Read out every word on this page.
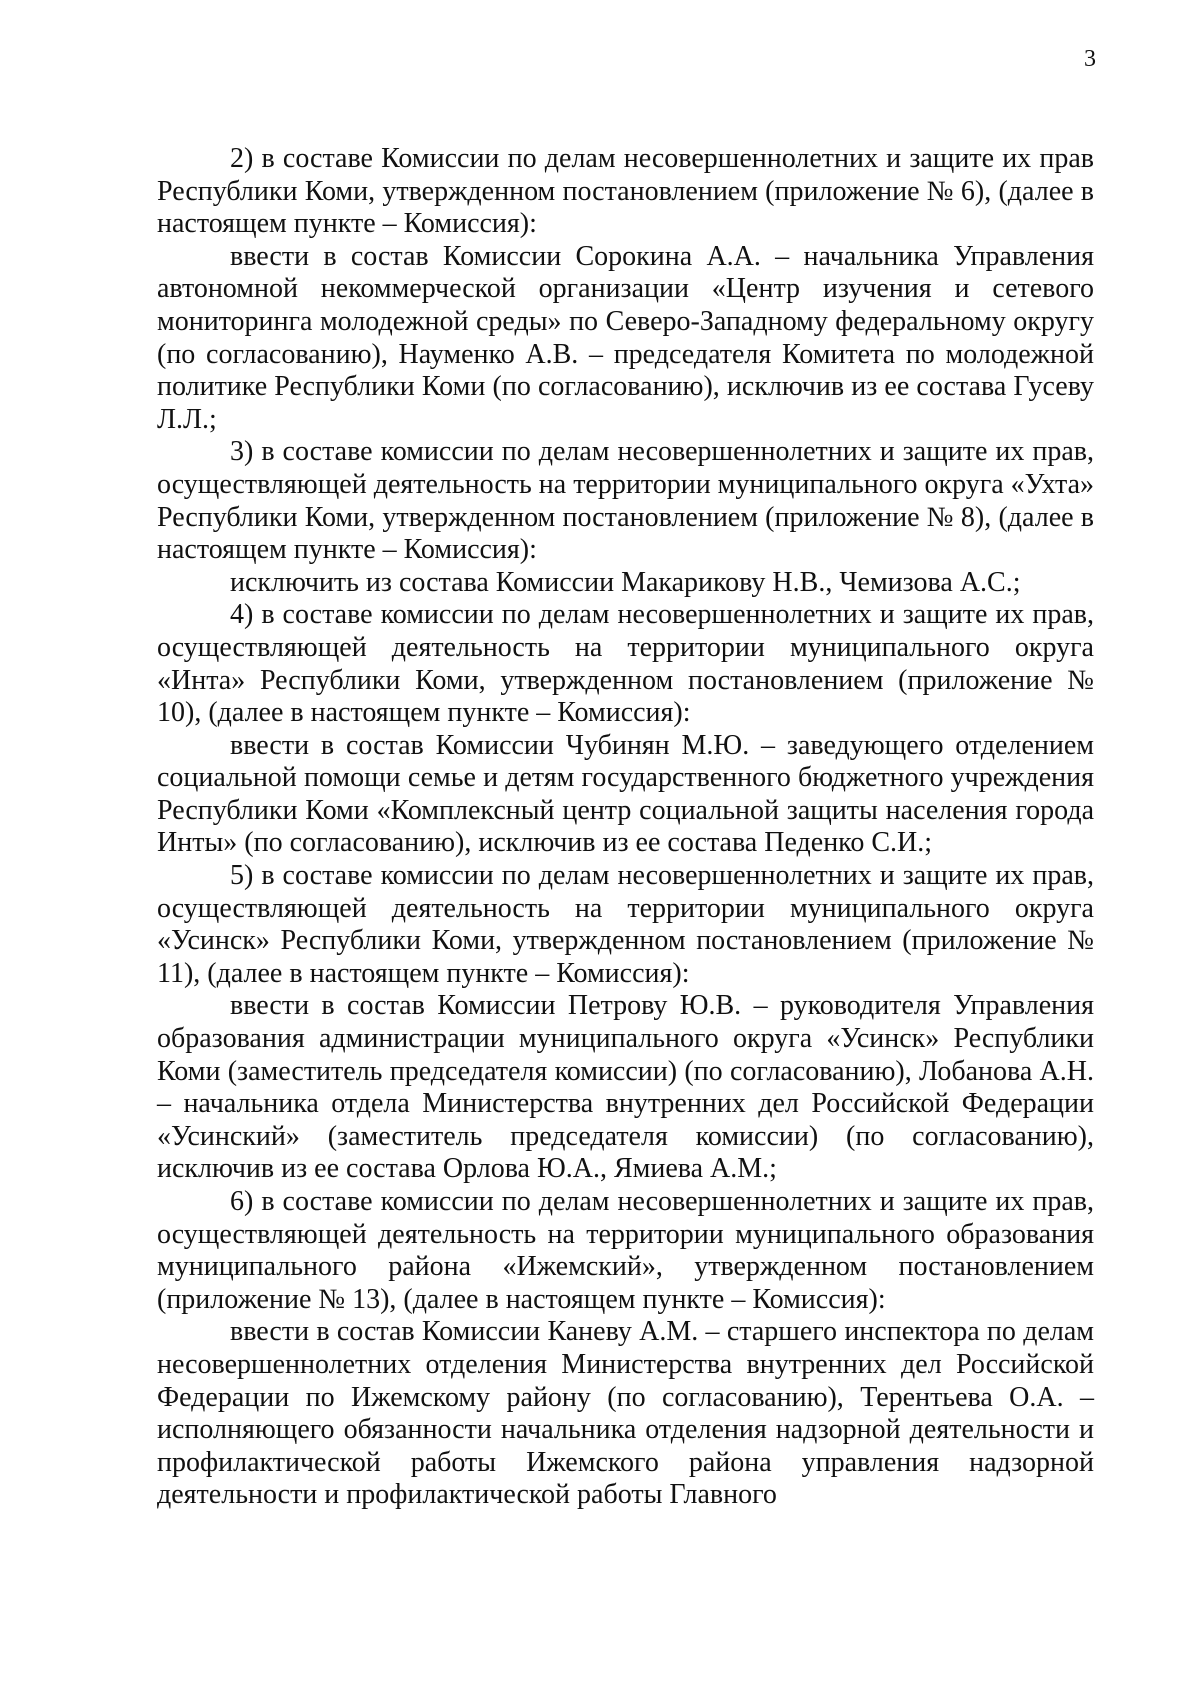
3

2) в составе Комиссии по делам несовершеннолетних и защите их прав Республики Коми, утвержденном постановлением (приложение № 6), (далее в настоящем пункте – Комиссия):

ввести в состав Комиссии Сорокина А.А. – начальника Управления автономной некоммерческой организации «Центр изучения и сетевого мониторинга молодежной среды» по Северо-Западному федеральному округу (по согласованию), Науменко А.В. – председателя Комитета по молодежной политике Республики Коми (по согласованию), исключив из ее состава Гусеву Л.Л.;

3) в составе комиссии по делам несовершеннолетних и защите их прав, осуществляющей деятельность на территории муниципального округа «Ухта» Республики Коми, утвержденном постановлением (приложение № 8), (далее в настоящем пункте – Комиссия):

исключить из состава Комиссии Макарикову Н.В., Чемизова А.С.;

4) в составе комиссии по делам несовершеннолетних и защите их прав, осуществляющей деятельность на территории муниципального округа «Инта» Республики Коми, утвержденном постановлением (приложение № 10), (далее в настоящем пункте – Комиссия):

ввести в состав Комиссии Чубинян М.Ю. – заведующего отделением социальной помощи семье и детям государственного бюджетного учреждения Республики Коми «Комплексный центр социальной защиты населения города Инты» (по согласованию), исключив из ее состава Педенко С.И.;

5) в составе комиссии по делам несовершеннолетних и защите их прав, осуществляющей деятельность на территории муниципального округа «Усинск» Республики Коми, утвержденном постановлением (приложение № 11), (далее в настоящем пункте – Комиссия):

ввести в состав Комиссии Петрову Ю.В. – руководителя Управления образования администрации муниципального округа «Усинск» Республики Коми (заместитель председателя комиссии) (по согласованию), Лобанова А.Н. – начальника отдела Министерства внутренних дел Российской Федерации «Усинский» (заместитель председателя комиссии) (по согласованию), исключив из ее состава Орлова Ю.А., Ямиева А.М.;

6) в составе комиссии по делам несовершеннолетних и защите их прав, осуществляющей деятельность на территории муниципального образования муниципального района «Ижемский», утвержденном постановлением (приложение № 13), (далее в настоящем пункте – Комиссия):

ввести в состав Комиссии Каневу А.М. – старшего инспектора по делам несовершеннолетних отделения Министерства внутренних дел Российской Федерации по Ижемскому району (по согласованию), Терентьева О.А. – исполняющего обязанности начальника отделения надзорной деятельности и профилактической работы Ижемского района управления надзорной деятельности и профилактической работы Главного
